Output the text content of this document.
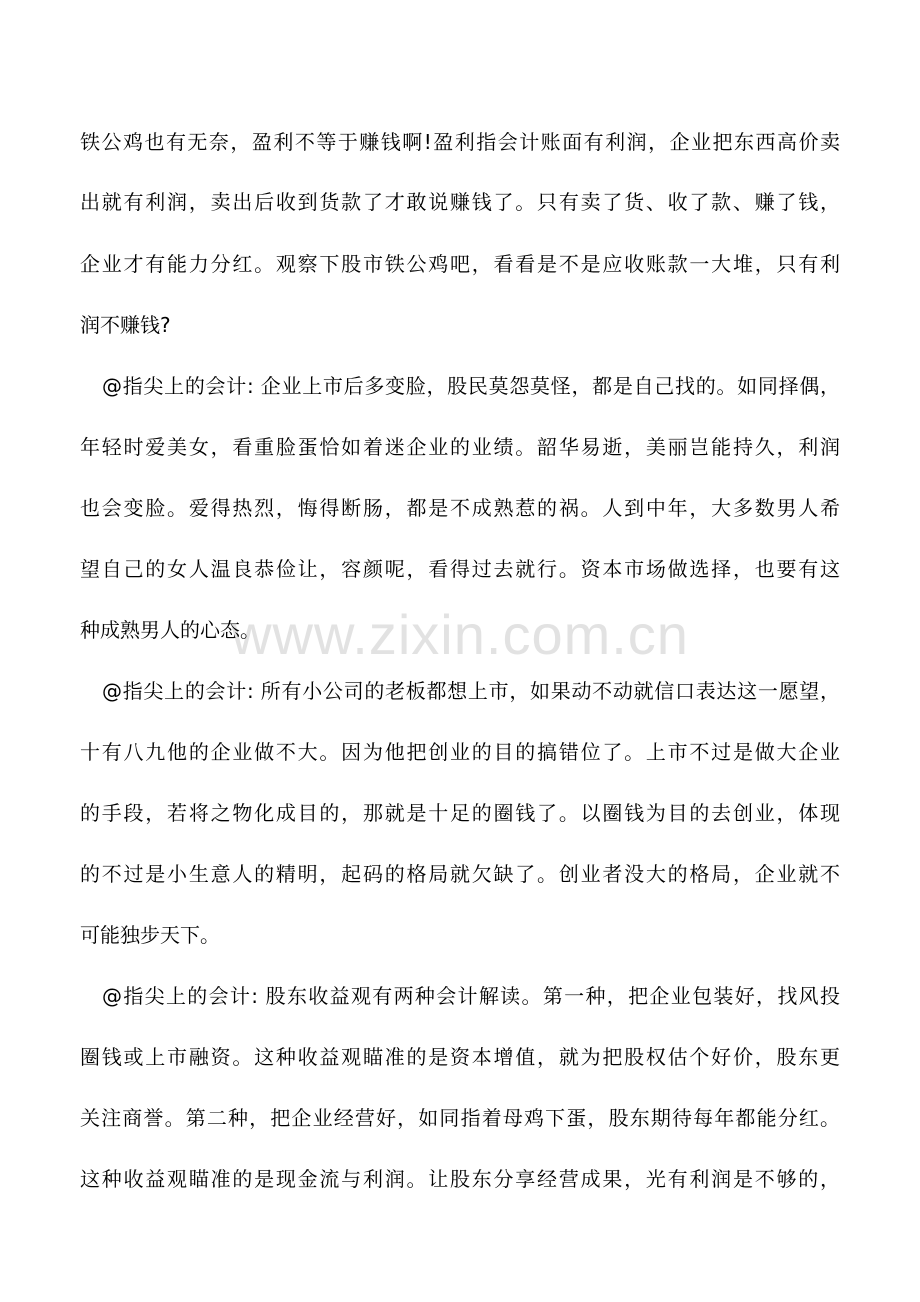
www.zixin.com.cn
铁公鸡也有无奈，盈利不等于赚钱啊!盈利指会计账面有利润，企业把东西高价卖
出就有利润，卖出后收到货款了才敢说赚钱了。只有卖了货、收了款、赚了钱，
企业才有能力分红。观察下股市铁公鸡吧，看看是不是应收账款一大堆，只有利
润不赚钱?
@指尖上的会计: 企业上市后多变脸，股民莫怨莫怪，都是自己找的。如同择偶，
年轻时爱美女，看重脸蛋恰如着迷企业的业绩。韶华易逝，美丽岂能持久，利润
也会变脸。爱得热烈，悔得断肠，都是不成熟惹的祸。人到中年，大多数男人希
望自己的女人温良恭俭让，容颜呢，看得过去就行。资本市场做选择，也要有这
种成熟男人的心态。
@指尖上的会计: 所有小公司的老板都想上市，如果动不动就信口表达这一愿望，
十有八九他的企业做不大。因为他把创业的目的搞错位了。上市不过是做大企业
的手段，若将之物化成目的，那就是十足的圈钱了。以圈钱为目的去创业，体现
的不过是小生意人的精明，起码的格局就欠缺了。创业者没大的格局，企业就不
可能独步天下。
@指尖上的会计: 股东收益观有两种会计解读。第一种，把企业包装好，找风投
圈钱或上市融资。这种收益观瞄准的是资本增值，就为把股权估个好价，股东更
关注商誉。第二种，把企业经营好，如同指着母鸡下蛋，股东期待每年都能分红。
这种收益观瞄准的是现金流与利润。让股东分享经营成果，光有利润是不够的，
